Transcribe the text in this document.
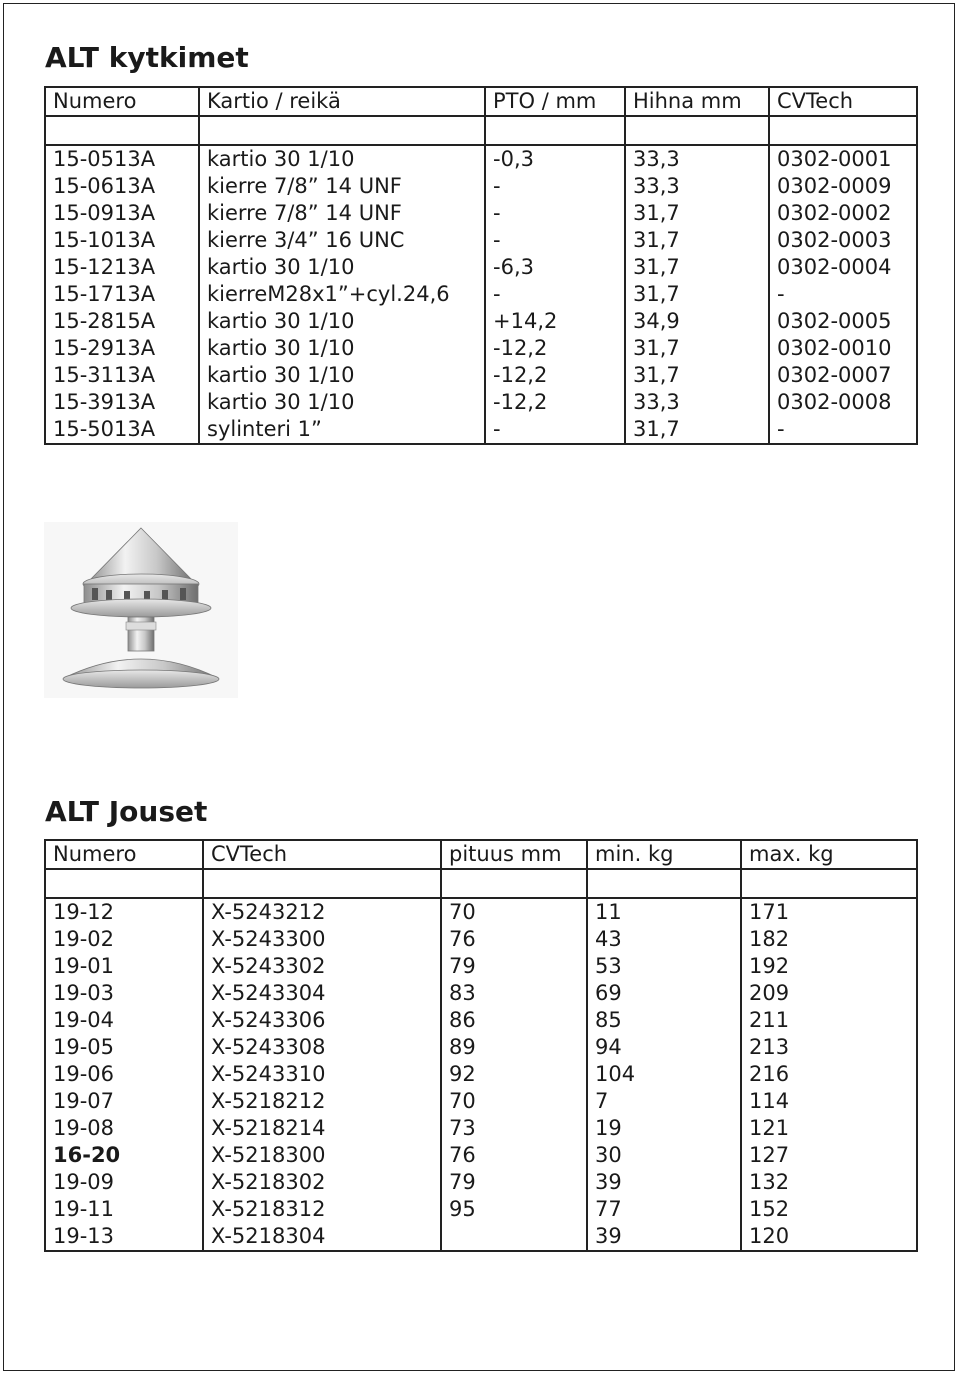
ALT kytkimet
Numero	Kartio / reikä	PTO / mm	Hihna mm	CVTech

15-0513A	kartio 30 1/10	-0,3	33,3	0302-0001
15-0613A	kierre 7/8” 14 UNF	-	33,3	0302-0009
15-0913A	kierre 7/8” 14 UNF	-	31,7	0302-0002
15-1013A	kierre 3/4” 16 UNC	-	31,7	0302-0003
15-1213A	kartio 30 1/10	-6,3	31,7	0302-0004
15-1713A	kierreM28x1”+cyl.24,6	-	31,7	-
15-2815A	kartio 30 1/10	+14,2	34,9	0302-0005
15-2913A	kartio 30 1/10	-12,2	31,7	0302-0010
15-3113A	kartio 30 1/10	-12,2	31,7	0302-0007
15-3913A	kartio 30 1/10	-12,2	33,3	0302-0008
15-5013A	sylinteri 1”	-	31,7	-
ALT Jouset
Numero	CVTech	pituus mm	min. kg	max. kg

19-12	X-5243212	70	11	171
19-02	X-5243300	76	43	182
19-01	X-5243302	79	53	192
19-03	X-5243304	83	69	209
19-04	X-5243306	86	85	211
19-05	X-5243308	89	94	213
19-06	X-5243310	92	104	216
19-07	X-5218212	70	7	114
19-08	X-5218214	73	19	121
16-20	X-5218300	76	30	127
19-09	X-5218302	79	39	132
19-11	X-5218312	95	77	152
19-13	X-5218304		39	120
